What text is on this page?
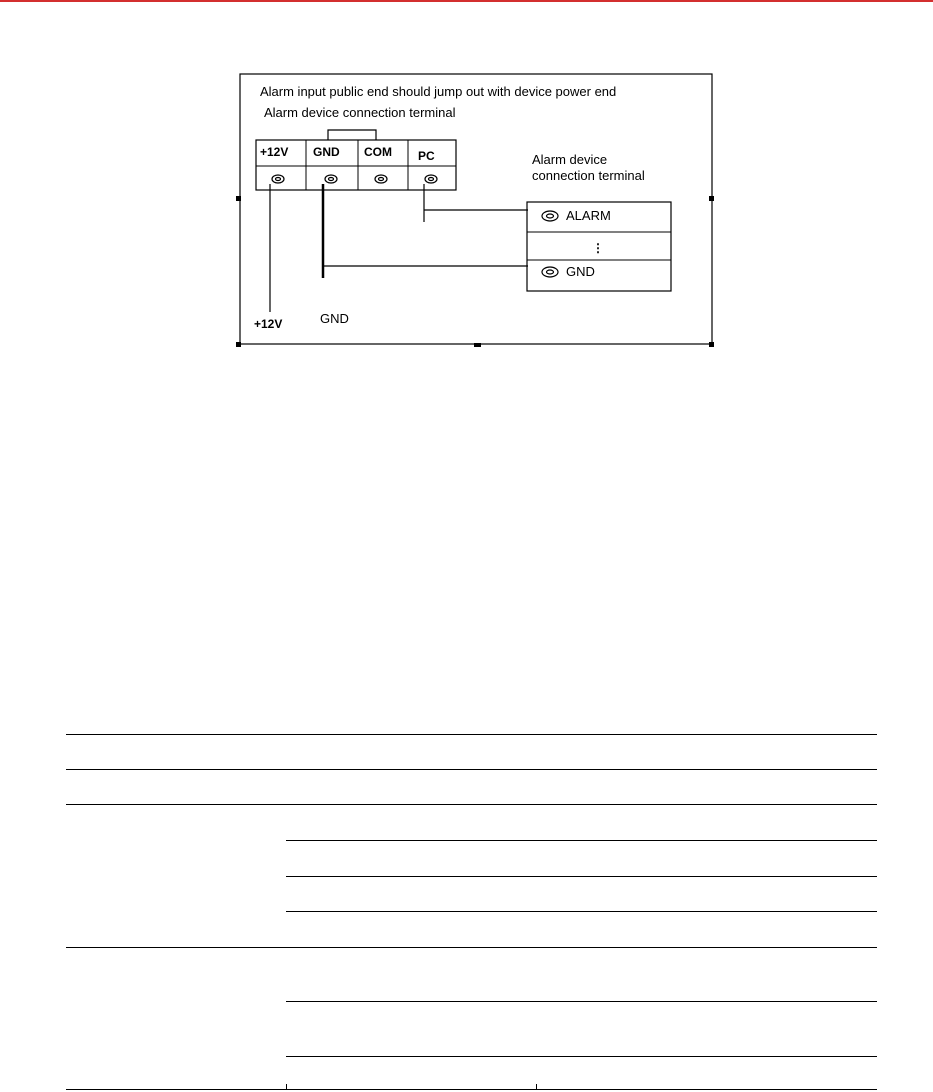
Alarm input public end should jump out with device power end
Alarm device connection terminal
+12V GND COM PC	Alarm device
connection terminal
ALARM
⋮
GND
+12V	GND
